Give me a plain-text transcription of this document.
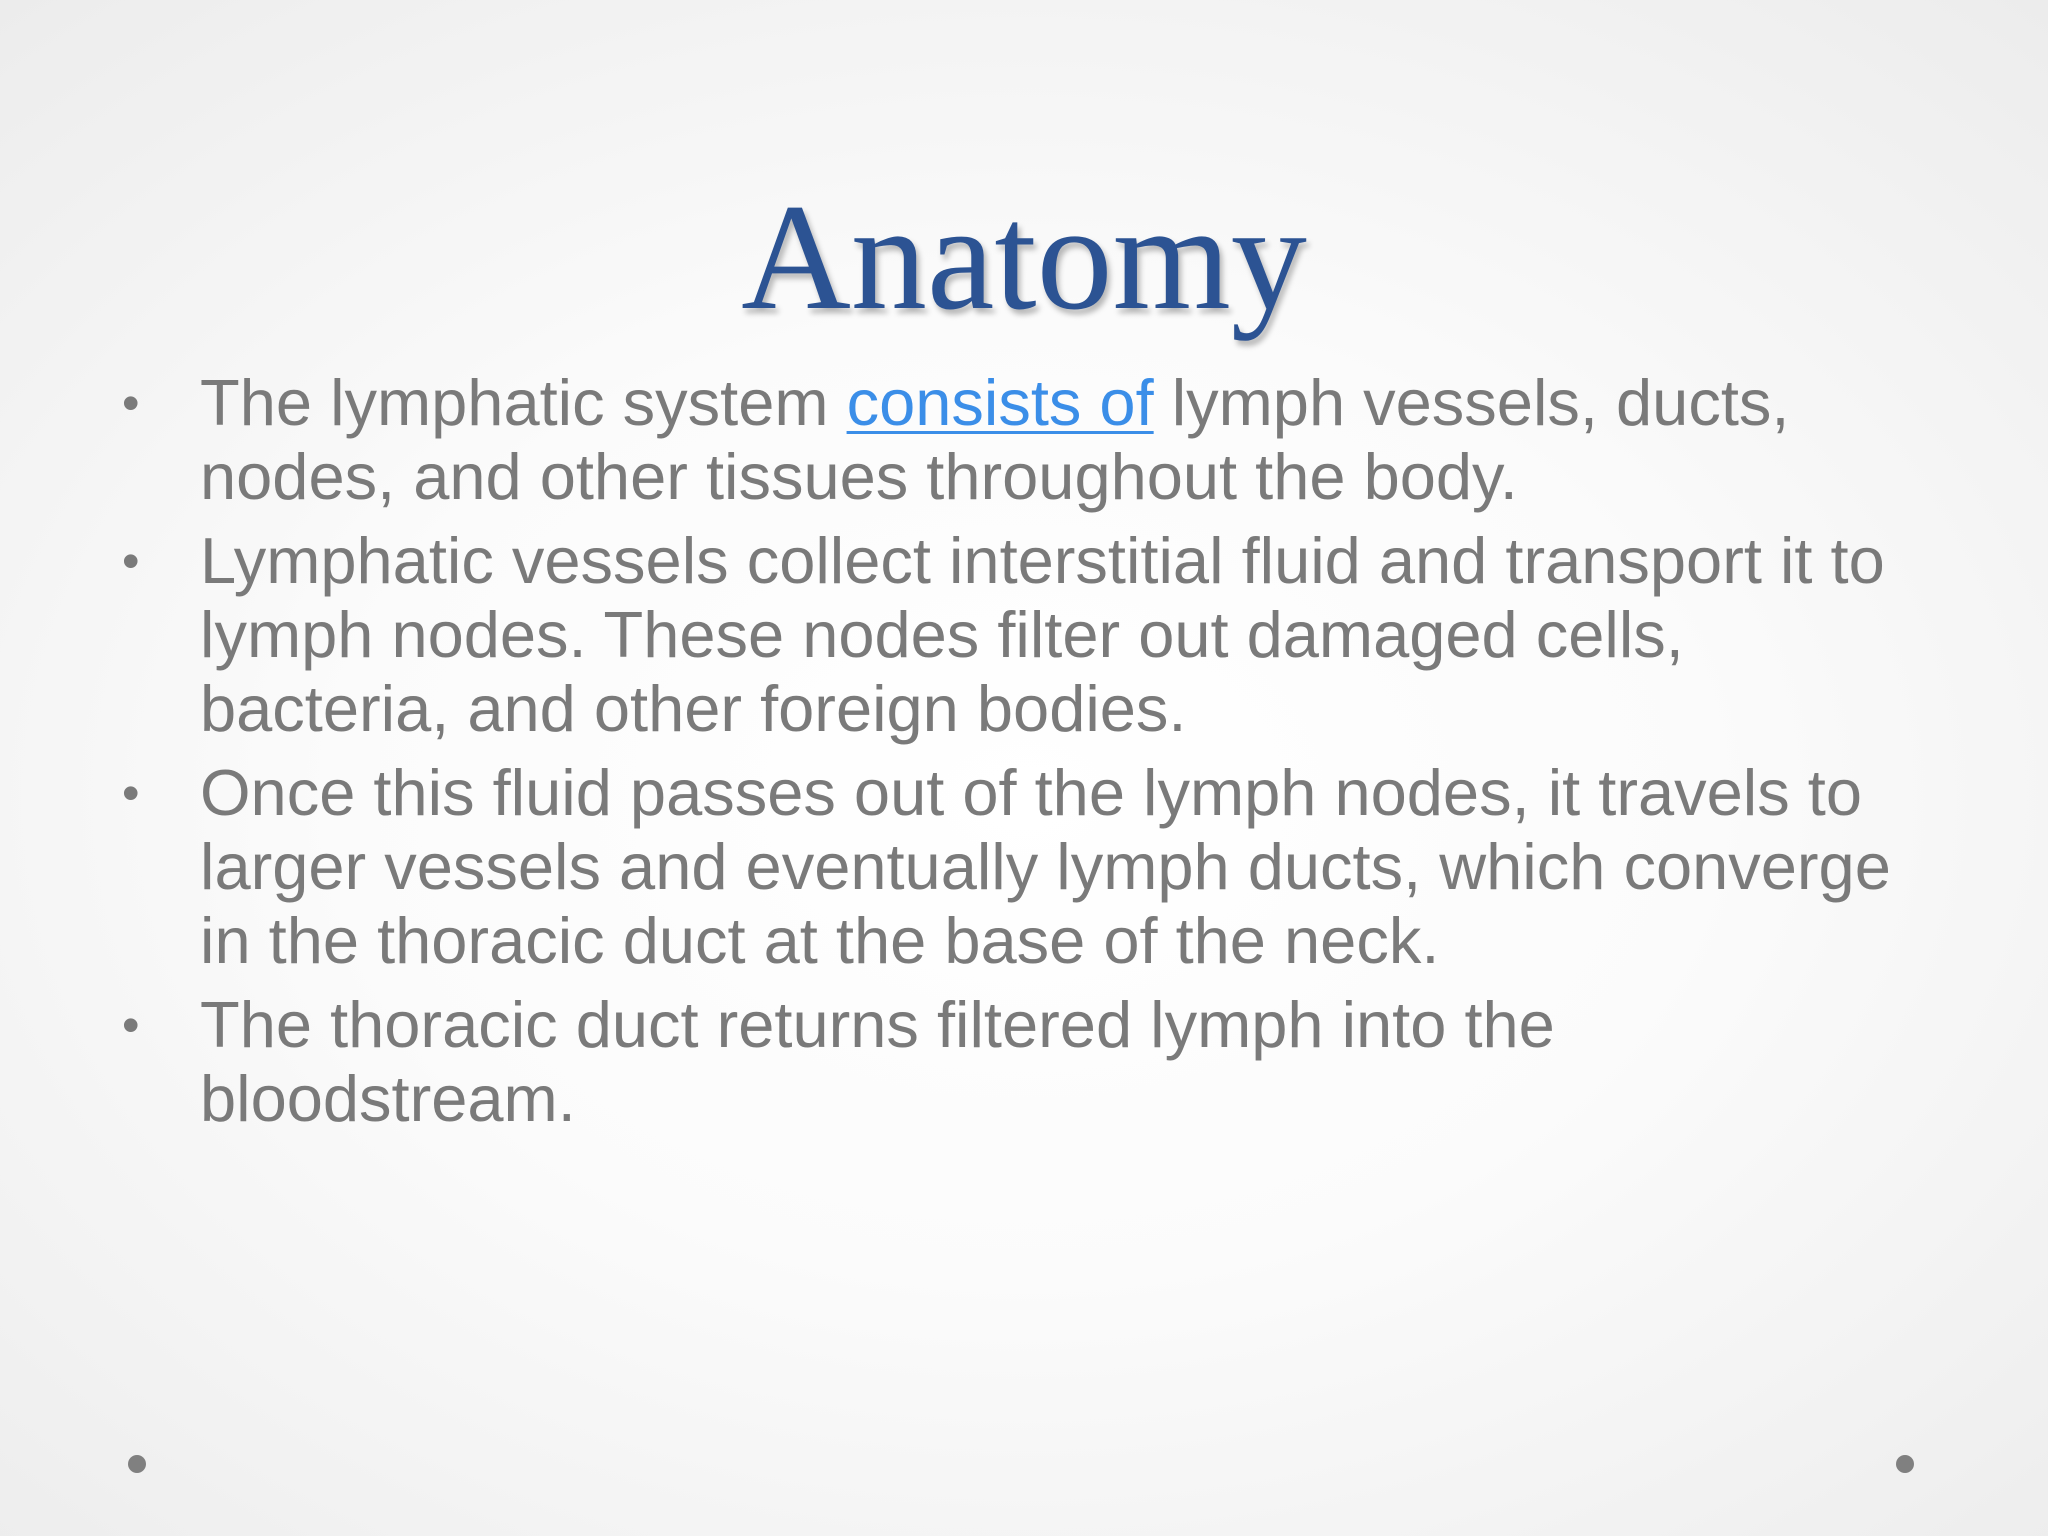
Anatomy
• The lymphatic system consists of lymph vessels, ducts, nodes, and other tissues throughout the body.
• Lymphatic vessels collect interstitial fluid and transport it to lymph nodes. These nodes filter out damaged cells, bacteria, and other foreign bodies.
• Once this fluid passes out of the lymph nodes, it travels to larger vessels and eventually lymph ducts, which converge in the thoracic duct at the base of the neck.
• The thoracic duct returns filtered lymph into the bloodstream.
